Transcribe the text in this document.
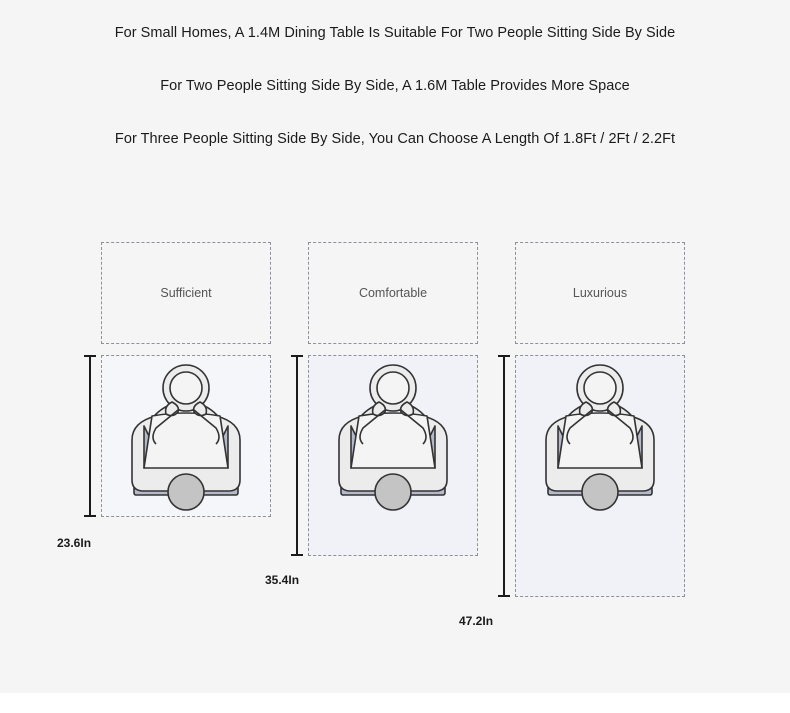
For Small Homes, A 1.4M Dining Table Is Suitable For Two People Sitting Side By Side
For Two People Sitting Side By Side, A 1.6M Table Provides More Space
For Three People Sitting Side By Side, You Can Choose A Length Of 1.8Ft / 2Ft / 2.2Ft
Sufficient	Comfortable	Luxurious
23.6In
35.4In
47.2In
